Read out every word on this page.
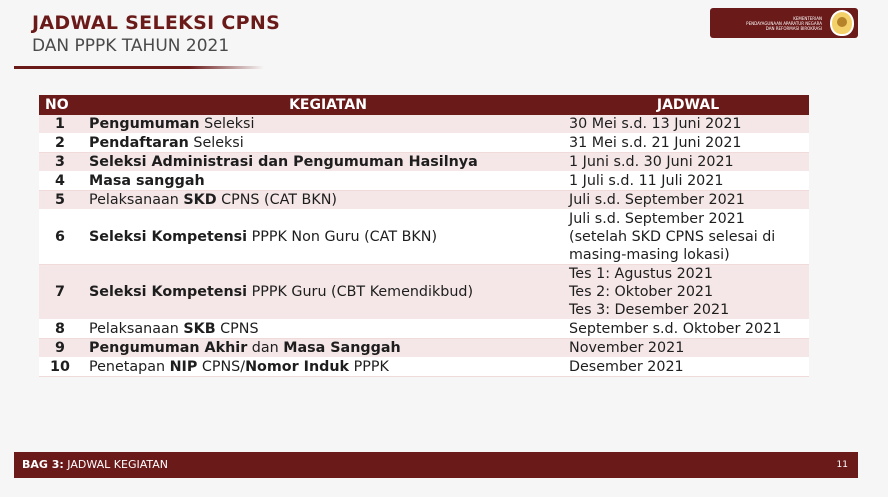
JADWAL SELEKSI CPNS
DAN PPPK TAHUN 2021
KEMENTERIAN
PENDAYAGUNAAN APARATUR NEGARA
DAN REFORMASI BIROKRASI
NO	KEGIATAN	JADWAL
1	Pengumuman Seleksi	30 Mei s.d. 13 Juni 2021

2	Pendaftaran Seleksi	31 Mei s.d. 21 Juni 2021

3	Seleksi Administrasi dan Pengumuman Hasilnya	1 Juni s.d. 30 Juni 2021

4	Masa sanggah	1 Juli s.d. 11 Juli 2021

5	Pelaksanaan SKD CPNS (CAT BKN)	Juli s.d. September 2021

6	Seleksi Kompetensi PPPK Non Guru (CAT BKN)	Juli s.d. September 2021
(setelah SKD CPNS selesai di
masing-masing lokasi)

7	Seleksi Kompetensi PPPK Guru (CBT Kemendikbud)	Tes 1: Agustus 2021
Tes 2: Oktober 2021
Tes 3: Desember 2021

8	Pelaksanaan SKB CPNS	September s.d. Oktober 2021

9	Pengumuman Akhir dan Masa Sanggah	November 2021

10	Penetapan NIP CPNS/Nomor Induk PPPK	Desember 2021
BAG 3: JADWAL KEGIATAN	11
